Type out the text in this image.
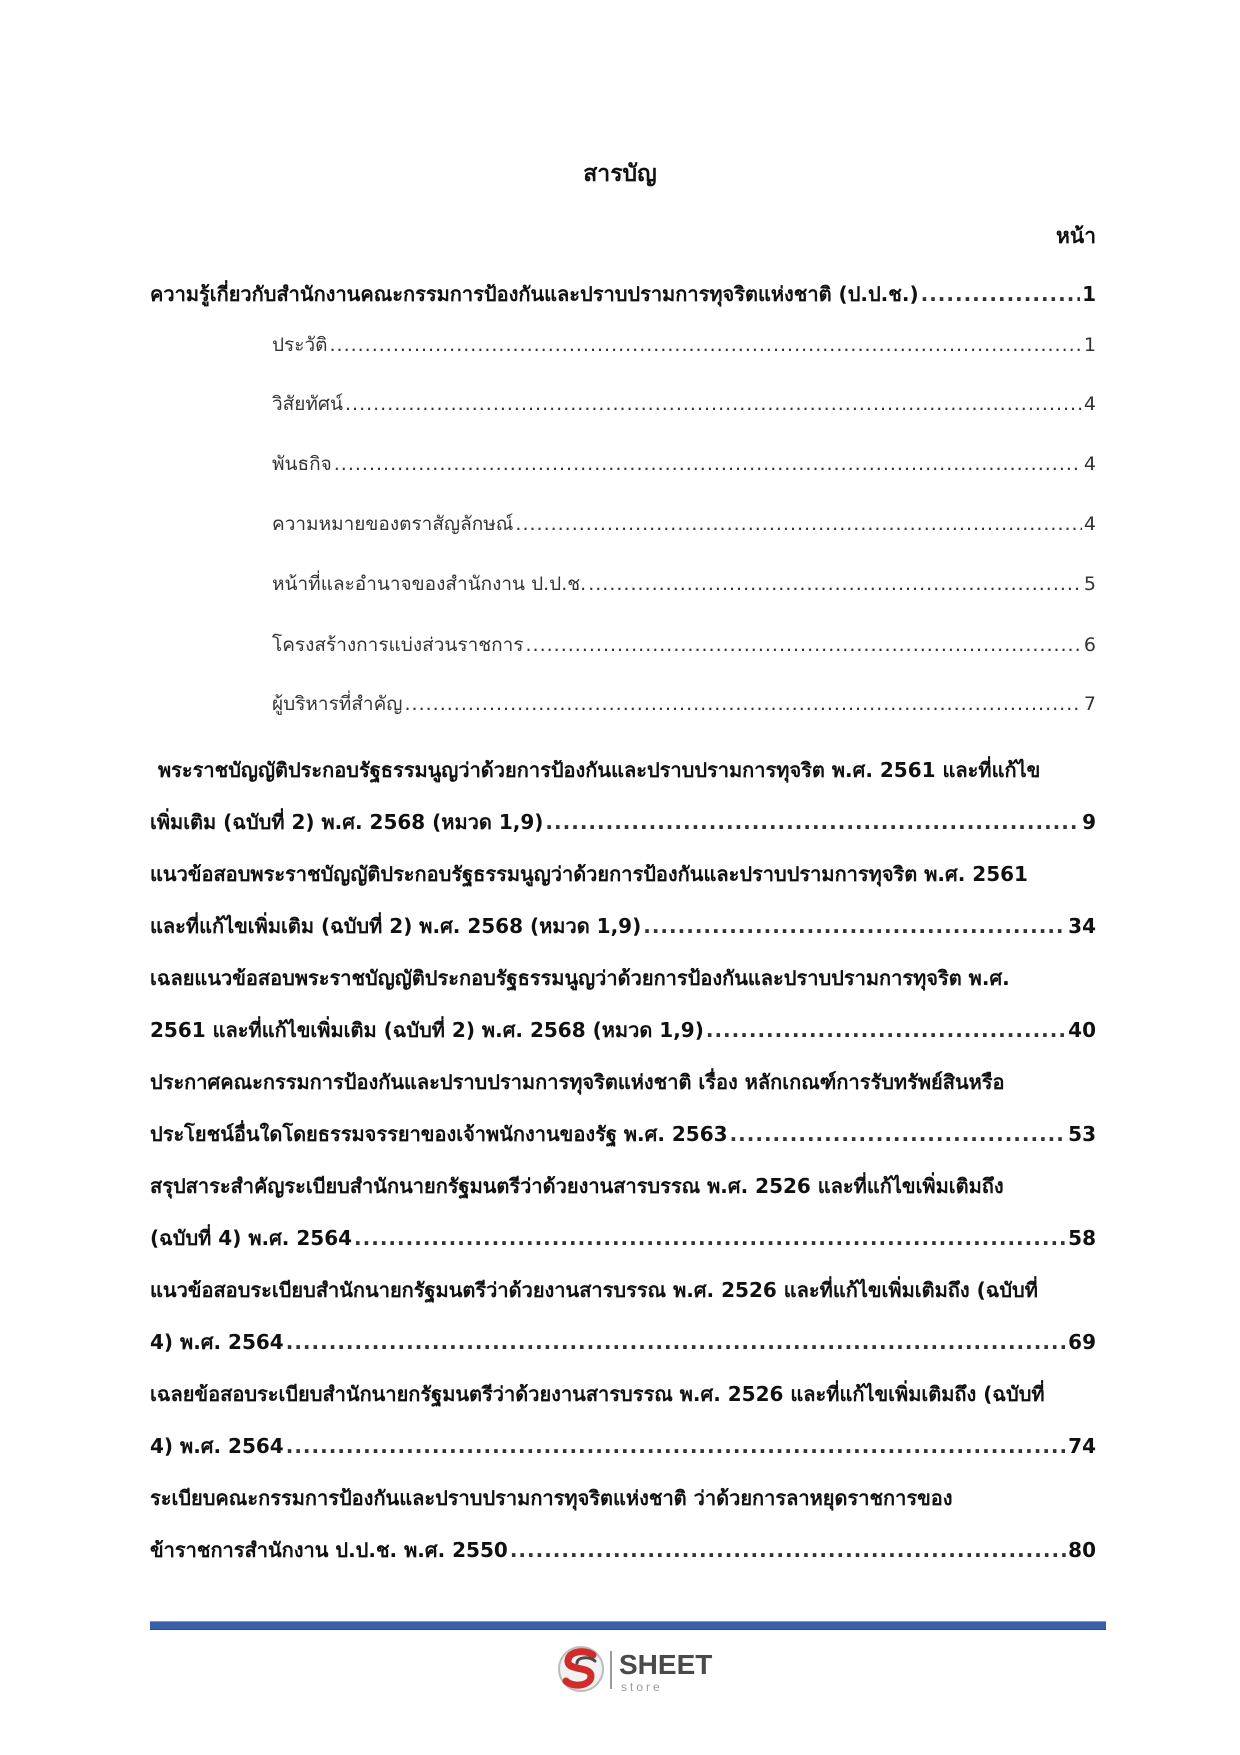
สารบัญ
หน้า
ความรู้เกี่ยวกับสำนักงานคณะกรรมการป้องกันและปราบปรามการทุจริตแห่งชาติ (ป.ป.ช.) .....	1
ประวัติ .....	1
วิสัยทัศน์ .....	4
พันธกิจ .....	4
ความหมายของตราสัญลักษณ์ .....	4
หน้าที่และอำนาจของสำนักงาน ป.ป.ช. .....	5
โครงสร้างการแบ่งส่วนราชการ .....	6
ผู้บริหารที่สำคัญ .....	7
พระราชบัญญัติประกอบรัฐธรรมนูญว่าด้วยการป้องกันและปราบปรามการทุจริต พ.ศ. 2561 และที่แก้ไข
เพิ่มเติม (ฉบับที่ 2) พ.ศ. 2568 (หมวด 1,9) .....	9
แนวข้อสอบพระราชบัญญัติประกอบรัฐธรรมนูญว่าด้วยการป้องกันและปราบปรามการทุจริต พ.ศ. 2561
และที่แก้ไขเพิ่มเติม (ฉบับที่ 2) พ.ศ. 2568 (หมวด 1,9) .....	34
เฉลยแนวข้อสอบพระราชบัญญัติประกอบรัฐธรรมนูญว่าด้วยการป้องกันและปราบปรามการทุจริต พ.ศ.
2561 และที่แก้ไขเพิ่มเติม (ฉบับที่ 2) พ.ศ. 2568 (หมวด 1,9) .....	40
ประกาศคณะกรรมการป้องกันและปราบปรามการทุจริตแห่งชาติ เรื่อง หลักเกณฑ์การรับทรัพย์สินหรือ
ประโยชน์อื่นใดโดยธรรมจรรยาของเจ้าพนักงานของรัฐ พ.ศ. 2563 .....	53
สรุปสาระสำคัญระเบียบสำนักนายกรัฐมนตรีว่าด้วยงานสารบรรณ พ.ศ. 2526 และที่แก้ไขเพิ่มเติมถึง
(ฉบับที่ 4) พ.ศ. 2564 .....	58
แนวข้อสอบระเบียบสำนักนายกรัฐมนตรีว่าด้วยงานสารบรรณ พ.ศ. 2526 และที่แก้ไขเพิ่มเติมถึง (ฉบับที่
4) พ.ศ. 2564 .....	69
เฉลยข้อสอบระเบียบสำนักนายกรัฐมนตรีว่าด้วยงานสารบรรณ พ.ศ. 2526 และที่แก้ไขเพิ่มเติมถึง (ฉบับที่
4) พ.ศ. 2564 .....	74
ระเบียบคณะกรรมการป้องกันและปราบปรามการทุจริตแห่งชาติ ว่าด้วยการลาหยุดราชการของ
ข้าราชการสำนักงาน ป.ป.ช. พ.ศ. 2550 .....	80
SHEET
store
